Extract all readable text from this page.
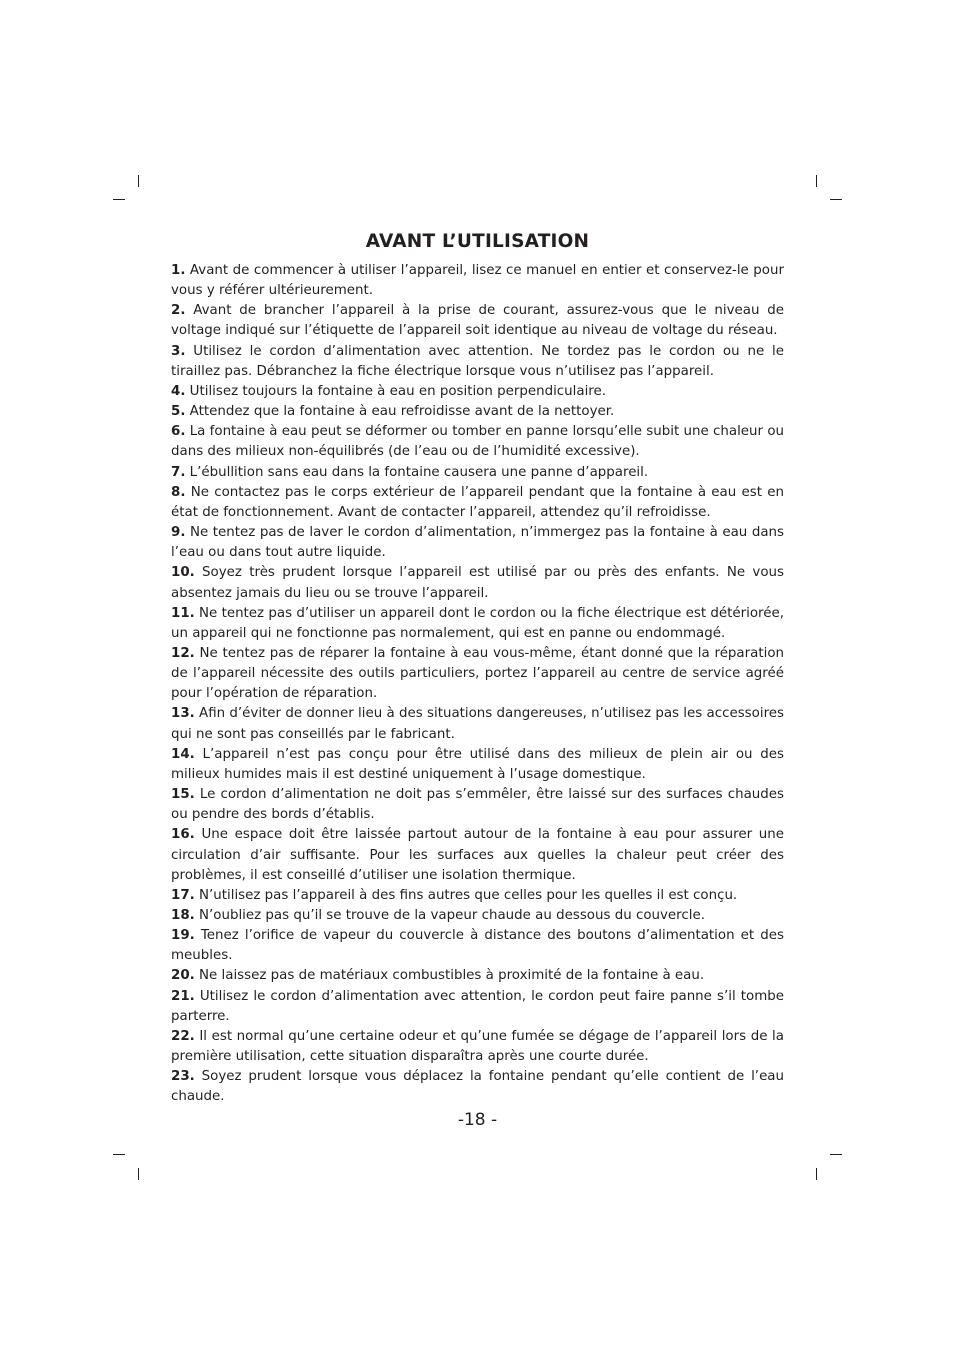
AVANT L’UTILISATION
1. Avant de commencer à utiliser l’appareil, lisez ce manuel en entier et conservez-le pour vous y référer ultérieurement.
2. Avant de brancher l’appareil à la prise de courant, assurez-vous que le niveau de voltage indiqué sur l’étiquette de l’appareil soit identique au niveau de voltage du réseau.
3. Utilisez le cordon d’alimentation avec attention. Ne tordez pas le cordon ou ne le tiraillez pas. Débranchez la fiche électrique lorsque vous n’utilisez pas l’appareil.
4. Utilisez toujours la fontaine à eau en position perpendiculaire.
5. Attendez que la fontaine à eau refroidisse avant de la nettoyer.
6. La fontaine à eau peut se déformer ou tomber en panne lorsqu’elle subit une chaleur ou dans des milieux non-équilibrés (de l’eau ou de l’humidité excessive).
7. L’ébullition sans eau dans la fontaine causera une panne d’appareil.
8. Ne contactez pas le corps extérieur de l’appareil pendant que la fontaine à eau est en état de fonctionnement. Avant de contacter l’appareil, attendez qu’il refroidisse.
9. Ne tentez pas de laver le cordon d’alimentation, n’immergez pas la fontaine à eau dans l’eau ou dans tout autre liquide.
10. Soyez très prudent lorsque l’appareil est utilisé par ou près des enfants. Ne vous absentez jamais du lieu ou se trouve l’appareil.
11. Ne tentez pas d’utiliser un appareil dont le cordon ou la fiche électrique est détériorée, un appareil qui ne fonctionne pas normalement, qui est en panne ou endommagé.
12. Ne tentez pas de réparer la fontaine à eau vous-même, étant donné que la réparation de l’appareil nécessite des outils particuliers, portez l’appareil au centre de service agréé pour l’opération de réparation.
13. Afin d’éviter de donner lieu à des situations dangereuses, n’utilisez pas les accessoires qui ne sont pas conseillés par le fabricant.
14. L’appareil n’est pas conçu pour être utilisé dans des milieux de plein air ou des milieux humides mais il est destiné uniquement à l’usage domestique.
15. Le cordon d’alimentation ne doit pas s’emmêler, être laissé sur des surfaces chaudes ou pendre des bords d’établis.
16. Une espace doit être laissée partout autour de la fontaine à eau pour assurer une circulation d’air suffisante. Pour les surfaces aux quelles la chaleur peut créer des problèmes, il est conseillé d’utiliser une isolation thermique.
17. N’utilisez pas l’appareil à des fins autres que celles pour les quelles il est conçu.
18. N’oubliez pas qu’il se trouve de la vapeur chaude au dessous du couvercle.
19. Tenez l’orifice de vapeur du couvercle à distance des boutons d’alimentation et des meubles.
20. Ne laissez pas de matériaux combustibles à proximité de la fontaine à eau.
21. Utilisez le cordon d’alimentation avec attention, le cordon peut faire panne s’il tombe parterre.
22. Il est normal qu’une certaine odeur et qu’une fumée se dégage de l’appareil lors de la première utilisation, cette situation disparaîtra après une courte durée.
23. Soyez prudent lorsque vous déplacez la fontaine pendant qu’elle contient de l’eau chaude.
-18 -
